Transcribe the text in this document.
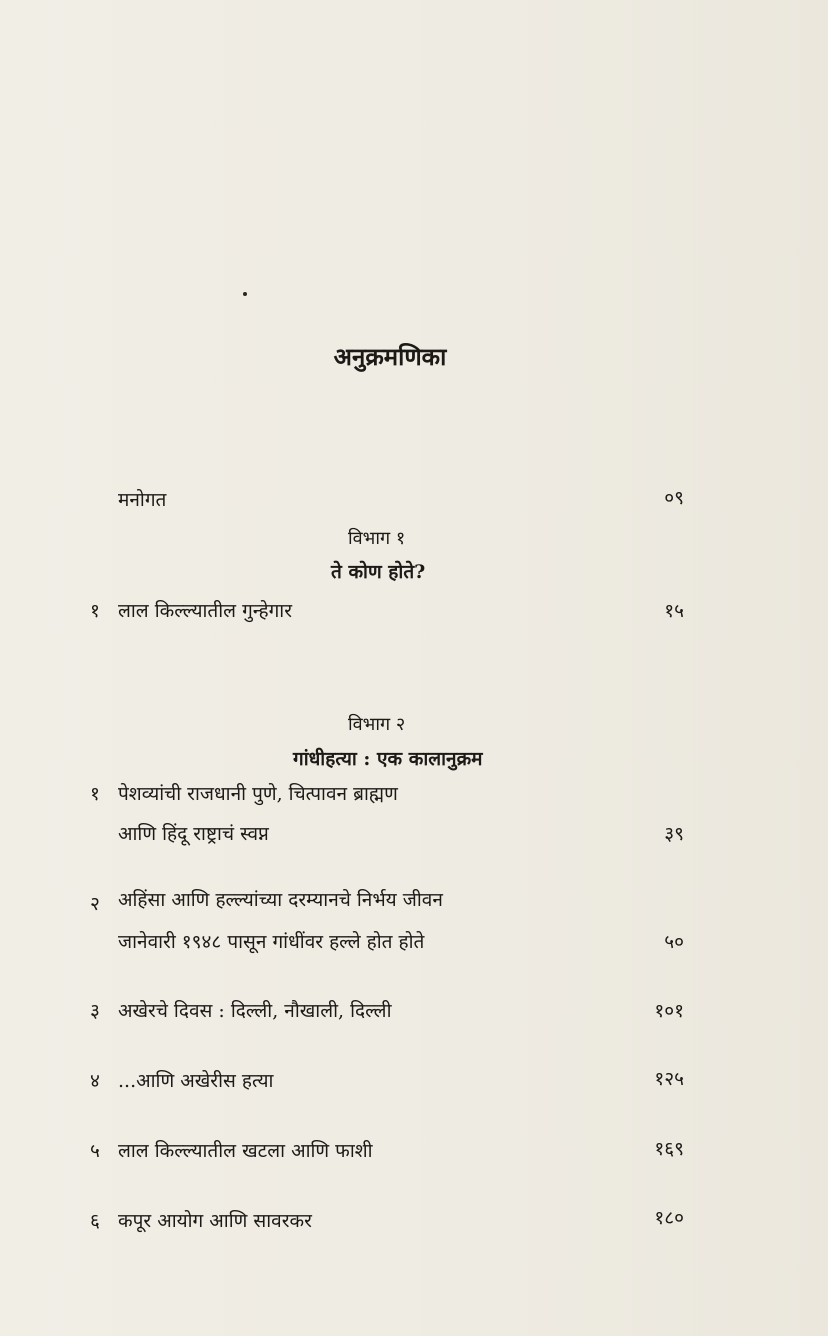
अनुक्रमणिका
मनोगत	०९
विभाग १
ते कोण होते?
१ लाल किल्ल्यातील गुन्हेगार	१५
विभाग २
गांधीहत्या : एक कालानुक्रम
१ पेशव्यांची राजधानी पुणे, चित्पावन ब्राह्मण
आणि हिंदू राष्ट्राचं स्वप्न	३९
२ अहिंसा आणि हल्ल्यांच्या दरम्यानचे निर्भय जीवन
जानेवारी १९४८ पासून गांधींवर हल्ले होत होते	५०
३ अखेरचे दिवस : दिल्ली, नौखाली, दिल्ली	१०१
४ ...आणि अखेरीस हत्या	१२५
५ लाल किल्ल्यातील खटला आणि फाशी	१६९
६ कपूर आयोग आणि सावरकर	१८०
